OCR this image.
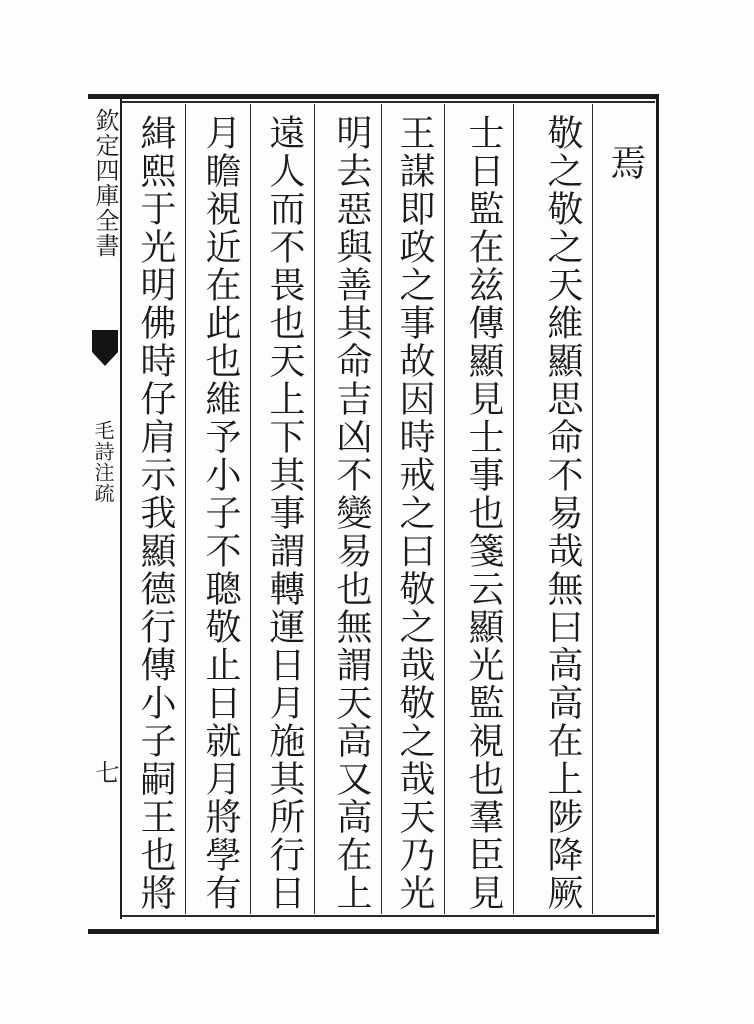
欽定四庫全書
毛詩注疏
七
焉
敬之敬之天維顯思命不易哉無曰高高在上陟降厥
士日監在兹傳顯見士事也箋云顯光監視也羣臣見
王謀即政之事故因時戒之曰敬之哉敬之哉天乃光
明去惡與善其命吉凶不變易也無謂天高又高在上
遠人而不畏也天上下其事謂轉運日月施其所行日
月瞻視近在此也維予小子不聰敬止日就月將學有
緝熙于光明佛時仔肩示我顯德行傳小子嗣王也將
